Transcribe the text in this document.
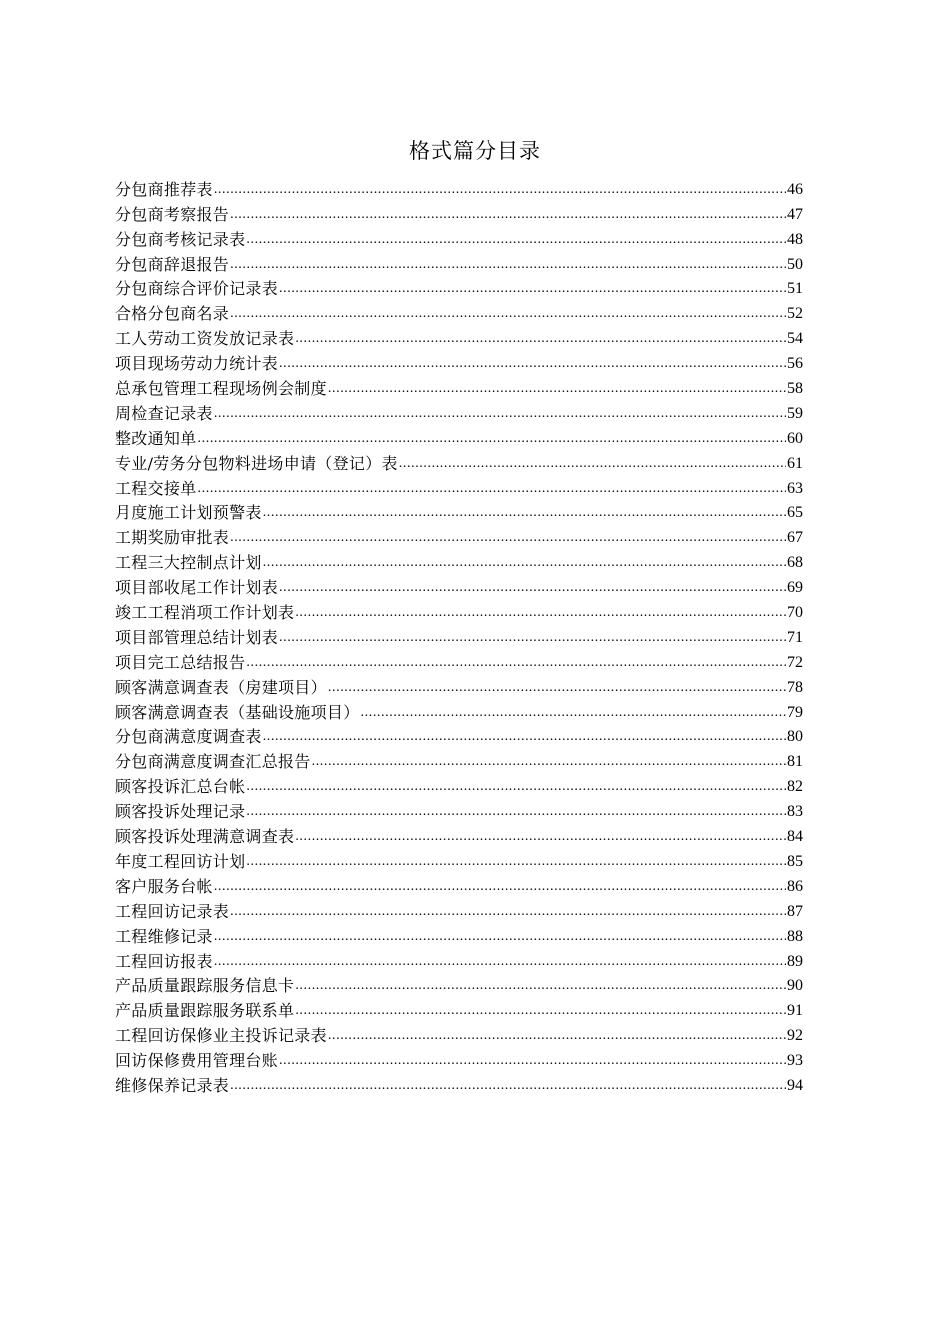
格式篇分目录
分包商推荐表 .....	46
分包商考察报告 .....	47
分包商考核记录表 .....	48
分包商辞退报告 .....	50
分包商综合评价记录表 .....	51
合格分包商名录 .....	52
工人劳动工资发放记录表 .....	54
项目现场劳动力统计表 .....	56
总承包管理工程现场例会制度 .....	58
周检查记录表 .....	59
整改通知单 .....	60
专业/劳务分包物料进场申请（登记）表 .....	61
工程交接单 .....	63
月度施工计划预警表 .....	65
工期奖励审批表 .....	67
工程三大控制点计划 .....	68
项目部收尾工作计划表 .....	69
竣工工程消项工作计划表 .....	70
项目部管理总结计划表 .....	71
项目完工总结报告 .....	72
顾客满意调查表（房建项目） .....	78
顾客满意调查表（基础设施项目） .....	79
分包商满意度调查表 .....	80
分包商满意度调查汇总报告 .....	81
顾客投诉汇总台帐 .....	82
顾客投诉处理记录 .....	83
顾客投诉处理满意调查表 .....	84
年度工程回访计划 .....	85
客户服务台帐 .....	86
工程回访记录表 .....	87
工程维修记录 .....	88
工程回访报表 .....	89
产品质量跟踪服务信息卡 .....	90
产品质量跟踪服务联系单 .....	91
工程回访保修业主投诉记录表 .....	92
回访保修费用管理台账 .....	93
维修保养记录表 .....	94
